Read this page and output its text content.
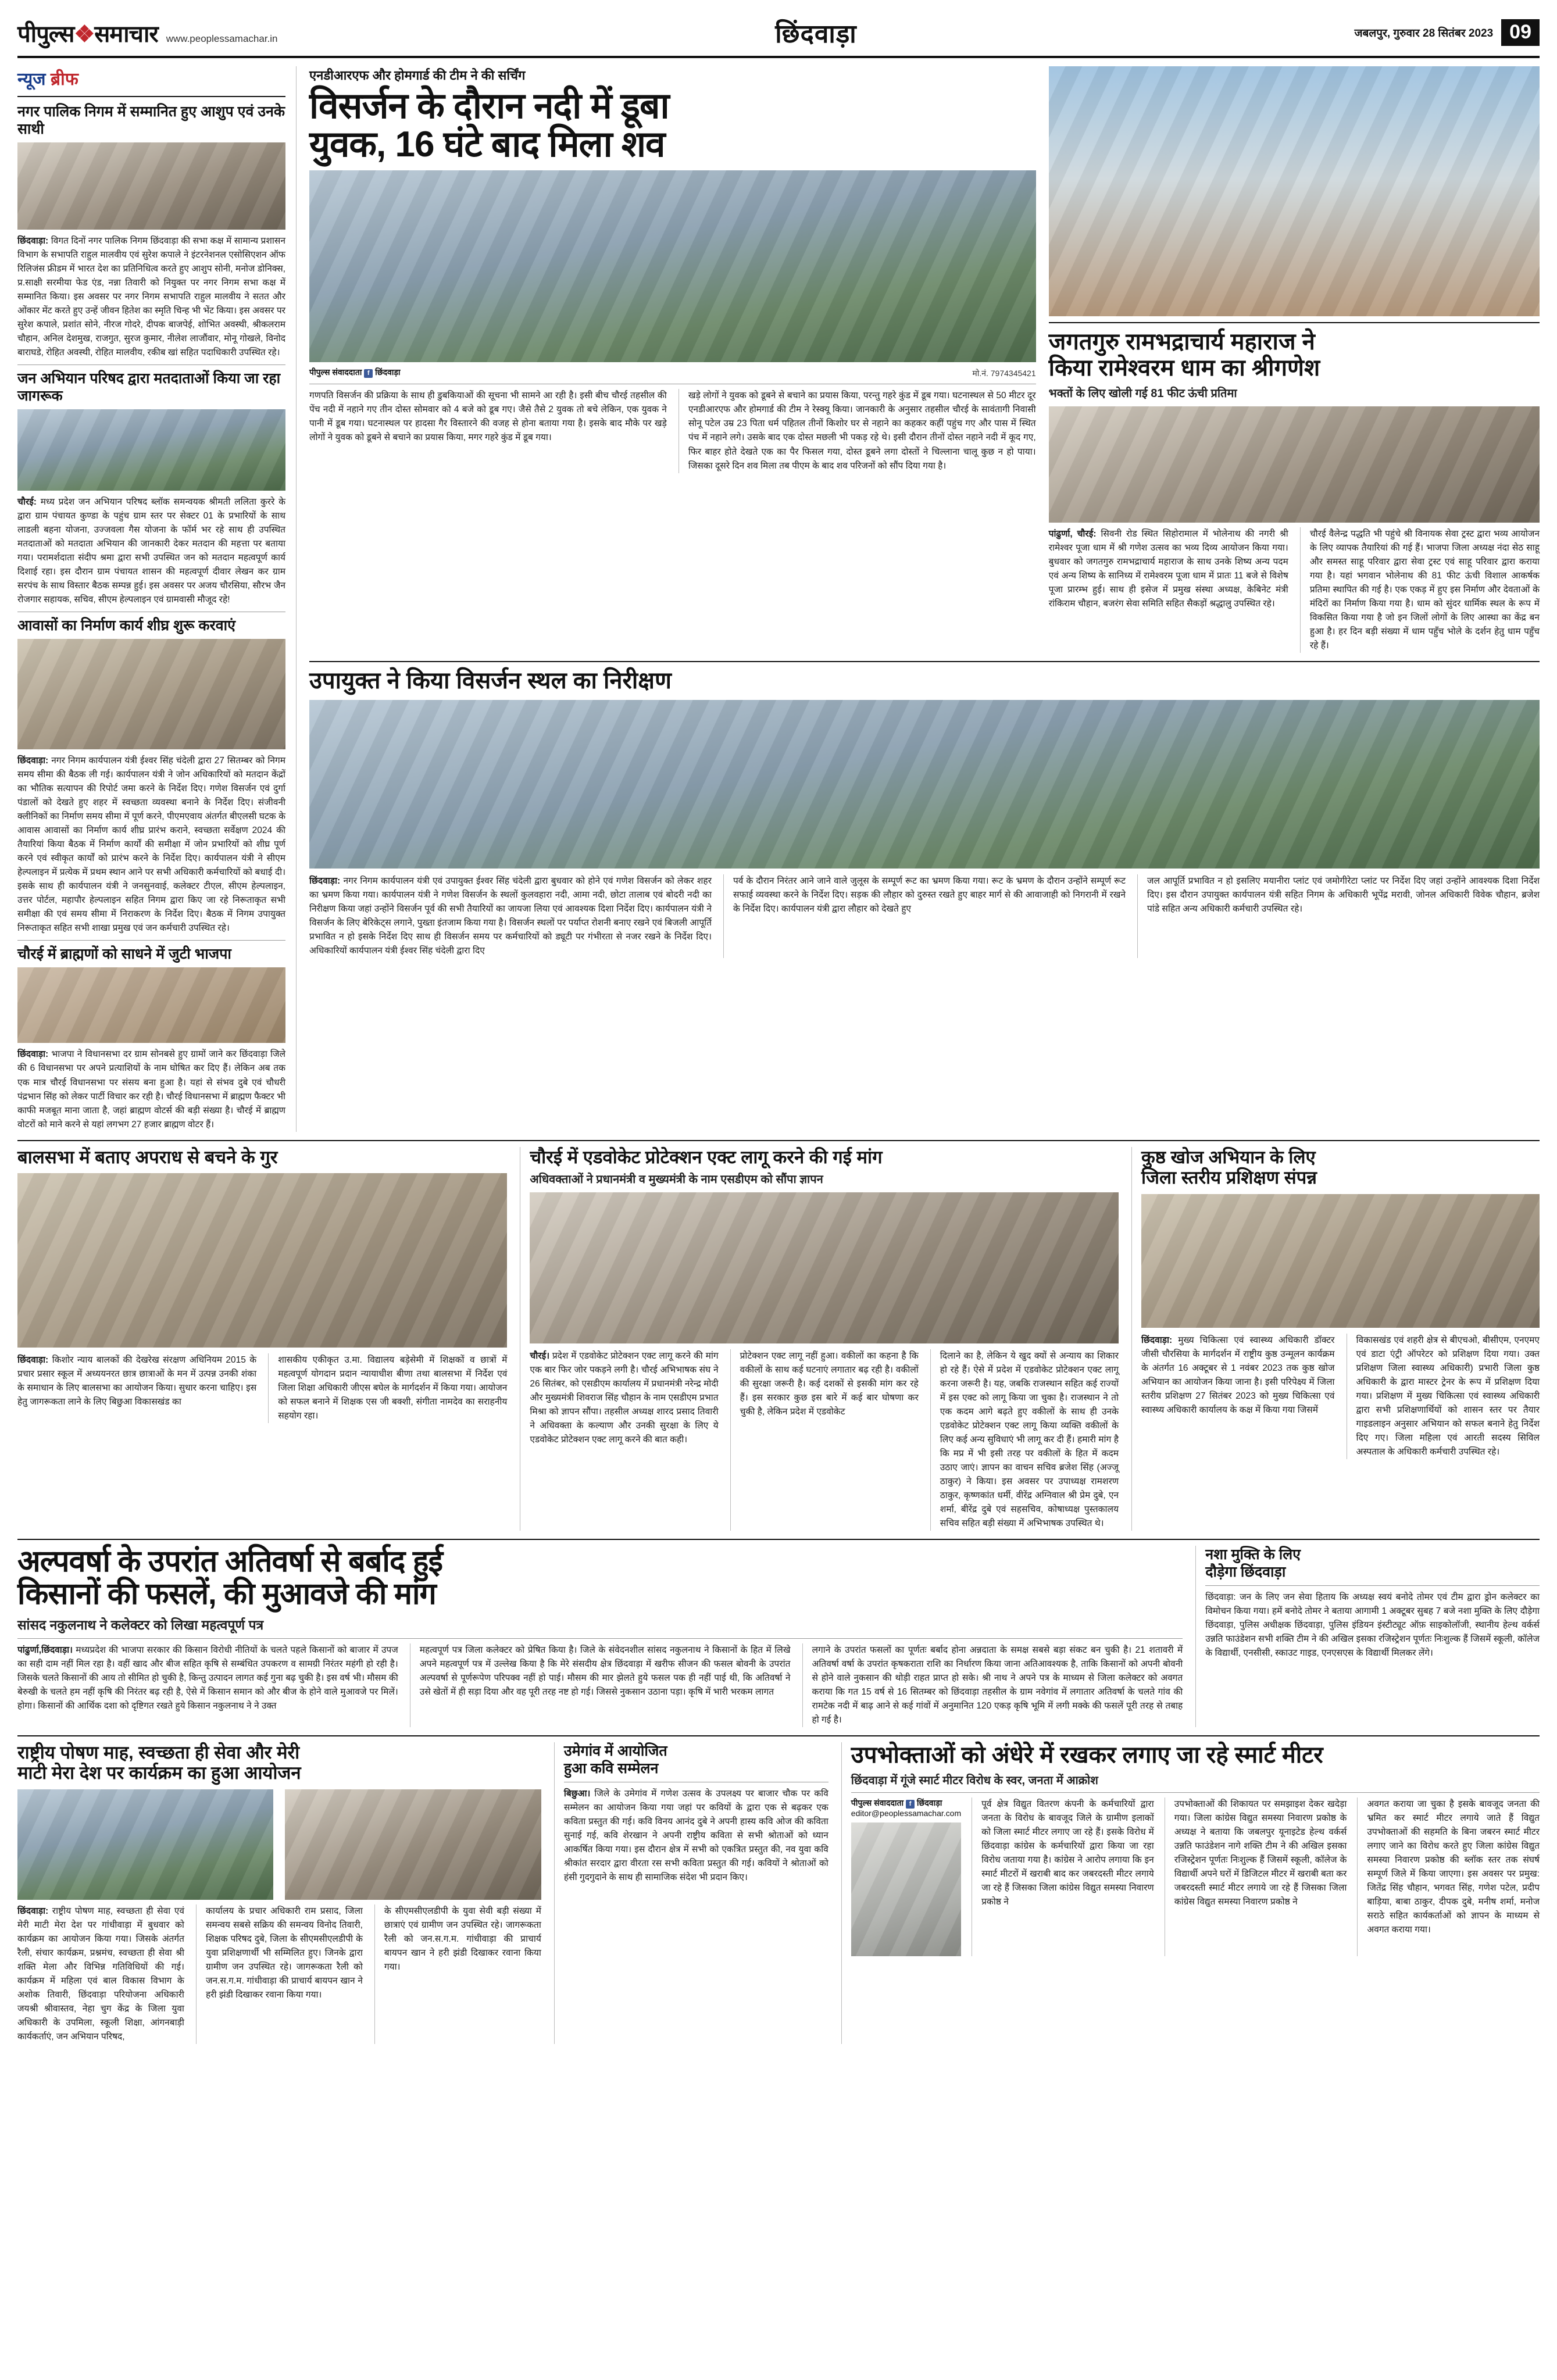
पीपुल्स❖समाचार www.peoplessamachar.in	छिंदवाड़ा	जबलपुर, गुरुवार 28 सितंबर 2023 09
न्यूज ब्रीफ
नगर पालिक निगम में सम्मानित हुए आशुप एवं उनके साथी
छिंदवाड़ा: विगत दिनों नगर पालिक निगम छिंदवाड़ा की सभा कक्ष में सामान्य प्रशासन विभाग के सभापति राहुल मालवीय एवं सुरेश कपाले ने इंटरनेशनल एसोसिएशन ऑफ रिलिजंस फ्रीडम में भारत देश का प्रतिनिधित्व करते हुए आशुप सोनी, मनोज डोनिक्स, प्र.साक्षी सरमीया फेड एंड, नन्ना तिवारी को नियुक्त पर नगर निगम सभा कक्ष में सम्मानित किया। इस अवसर पर नगर निगम सभापति राहुल मालवीय ने सतत और ओंकार मेंट करते हुए उन्हें जीवन हितेश का स्मृति चिन्ह भी भेंट किया। इस अवसर पर सुरेश कपाले, प्रशांत सोने, नीरज गोदरे, दीपक बाजपेई, शोभित अवस्थी, श्रीकलराम चौहान, अनिल देशमुख, राजगुत, सुरज कुमार, नीलेश लाजौंवार, मोनू गोखले, विनोद बाराघडे, रोहित अवस्थी, रोहित मालवीय, रकीब खां सहित पदाधिकारी उपस्थित रहे।
जन अभियान परिषद द्वारा मतदाताओं किया जा रहा जागरूक
चौरई: मध्य प्रदेश जन अभियान परिषद ब्लॉक समन्वयक श्रीमती ललिता कुररे के द्वारा ग्राम पंचायत कुण्डा के पहुंच ग्राम स्तर पर सेक्टर 01 के प्रभारियों के साथ लाडली बहना योजना, उज्जवला गैस योजना के फॉर्म भर रहे साथ ही उपस्थित मतदाताओं को मतदाता अभियान की जानकारी देकर मतदान की महत्ता पर बताया गया। परामर्शदाता संदीप श्रमा द्वारा सभी उपस्थित जन को मतदान महत्वपूर्ण कार्य दिशाई रहा। इस दौरान ग्राम पंचायत शासन की महत्वपूर्ण दीवार लेखन कर ग्राम सरपंच के साथ विस्तार बैठक सम्पन्न हुई। इस अवसर पर अजय चौरसिया, सौरभ जैन रोजगार सहायक, सचिव, सीएम हेल्पलाइन एवं ग्रामवासी मौजूद रहे!
आवासों का निर्माण कार्य शीघ्र शुरू करवाएं
छिंदवाड़ा: नगर निगम कार्यपालन यंत्री ईश्वर सिंह चंदेली द्वारा 27 सितम्बर को निगम समय सीमा की बैठक ली गई। कार्यपालन यंत्री ने जोन अधिकारियों को मतदान केंद्रों का भौतिक सत्यापन की रिपोर्ट जमा करने के निर्देश दिए। गणेश विसर्जन एवं दुर्गा पंडालों को देखते हुए शहर में स्वच्छता व्यवस्था बनाने के निर्देश दिए। संजीवनी क्लीनिकों का निर्माण समय सीमा में पूर्ण करने, पीएमएवाय अंतर्गत बीएलसी घटक के आवास आवासों का निर्माण कार्य शीघ्र प्रारंभ कराने, स्वच्छता सर्वेक्षण 2024 की तैयारियां किया बैठक में निर्माण कार्यों की समीक्षा में जोन प्रभारियों को शीघ्र पूर्ण करने एवं स्वीकृत कार्यों को प्रारंभ करने के निर्देश दिए। कार्यपालन यंत्री ने सीएम हेल्पलाइन में प्रत्येक में प्रथम स्थान आने पर सभी अधिकारी कर्मचारियों को बधाई दी। इसके साथ ही कार्यपालन यंत्री ने जनसुनवाई, कलेक्टर टीएल, सीएम हेल्पलाइन, उत्तर पोर्टल, महापौर हेल्पलाइन सहित निगम द्वारा किए जा रहे निरूताकृत सभी समीक्षा की एवं समय सीमा में निराकरण के निर्देश दिए। बैठक में निगम उपायुक्त निरूताकृत सहित सभी शाखा प्रमुख एवं जन कर्मचारी उपस्थित रहे।
चौरई में ब्राह्मणों को साधने में जुटी भाजपा
छिंदवाड़ा: भाजपा ने विधानसभा दर ग्राम सोनबसे हुए ग्रामों जाने कर छिंदवाड़ा जिले की 6 विधानसभा पर अपने प्रत्याशियों के नाम घोषित कर दिए हैं। लेकिन अब तक एक मात्र चौरई विधानसभा पर संसय बना हुआ है। यहां से संभव दुबे एवं चौधरी पंद्रभान सिंह को लेकर पार्टी विचार कर रही है। चौरई विधानसभा में ब्राह्मण फैक्टर भी काफी मजबूत माना जाता है, जहां ब्राह्मण वोटर्स की बड़ी संख्या है। चौरई में ब्राह्मण वोटरों को माने करने से यहां लगभग 27 हजार ब्राह्मण वोटर हैं।
एनडीआरएफ और होमगार्ड की टीम ने की सर्चिंग
विसर्जन के दौरान नदी में डूबा
युवक, 16 घंटे बाद मिला शव
पीपुल्स संवाददाता f छिंदवाड़ा	मो.नं. 7974345421
गणपति विसर्जन की प्रक्रिया के साथ ही डुबकियाओं की सूचना भी सामने आ रही है। इसी बीच चौरई तहसील की पेंच नदी में नहाने गए तीन दोस्त सोमवार को 4 बजे को डूब गए। जैसे तैसे 2 युवक तो बचे लेकिन, एक युवक ने पानी में डूब गया। घटनास्थल पर हादसा गैर विस्तारने की वजह से होना बताया गया है। इसके बाद मौके पर खड़े लोगों ने युवक को डूबने से बचाने का प्रयास किया, मगर गहरे कुंड में डूब गया।
खड़े लोगों ने युवक को डूबने से बचाने का प्रयास किया, परन्तु गहरे कुंड में डूब गया। घटनास्थल से 50 मीटर दूर एनडीआरएफ और होमगार्ड की टीम ने रेस्क्यू किया। जानकारी के अनुसार तहसील चौरई के सावंतागी निवासी सोनू पटेल उम्र 23 पिता धर्म पहितल तीनों किशोर घर से नहाने का कहकर कहीं पहुंच गए और पास में स्थित पंच में नहाने लगे। उसके बाद एक दोस्त मछली भी पकड़ रहे थे। इसी दौरान तीनों दोस्त नहाने नदी में कूद गए, फिर बाहर होते देखते एक का पैर फिसल गया, दोस्त डूबने लगा दोस्तों ने चिल्लाना चालू कुछ न हो पाया। जिसका दूसरे दिन शव मिला तब पीएम के बाद शव परिजनों को सौंप दिया गया है।
जगतगुरु रामभद्राचार्य महाराज ने
किया रामेश्वरम धाम का श्रीगणेश
भक्तों के लिए खोली गई 81 फीट ऊंची प्रतिमा
पांढुर्णा, चौरई: सिवनी रोड स्थित सिहोरामाल में भोलेनाथ की नगरी श्री रामेश्वर पूजा धाम में श्री गणेश उत्सव का भव्य दिव्य आयोजन किया गया। बुधवार को जगतगुरु रामभद्राचार्य महाराज के साथ उनके शिष्य अन्य पदम एवं अन्य शिष्य के सानिध्य में रामेश्वरम पूजा धाम में प्रातः 11 बजे से विशेष पूजा प्रारम्भ हुई। साथ ही इसेज में प्रमुख संस्था अध्यक्ष, केबिनेट मंत्री रांकिराम चौहान, बजरंग सेवा समिति सहित सैकड़ों श्रद्धालु उपस्थित रहे।
चौरई वैलेन्द्र पद्धति भी पहुंचे श्री विनायक सेवा ट्रस्ट द्वारा भव्य आयोजन के लिए व्यापक तैयारियां की गई हैं। भाजपा जिला अध्यक्ष नंदा सेठ साहू और समस्त साहू परिवार द्वारा सेवा ट्रस्ट एवं साहू परिवार द्वारा कराया गया है। यहां भगवान भोलेनाथ की 81 फीट ऊंची विशाल आकर्षक प्रतिमा स्थापित की गई है। एक एकड़ में हुए इस निर्माण और देवताओं के मंदिरों का निर्माण किया गया है। धाम को सुंदर धार्मिक स्थल के रूप में विकसित किया गया है जो इन जिलों लोगों के लिए आस्था का केंद्र बन हुआ है। हर दिन बड़ी संख्या में धाम पहुँच भोले के दर्शन हेतु धाम पहुँच रहे हैं।
उपायुक्त ने किया विसर्जन स्थल का निरीक्षण
छिंदवाड़ा: नगर निगम कार्यपालन यंत्री एवं उपायुक्त ईश्वर सिंह चंदेली द्वारा बुधवार को होने एवं गणेश विसर्जन को लेकर शहर का भ्रमण किया गया। कार्यपालन यंत्री ने गणेश विसर्जन के स्थलों कुलवहारा नदी, आमा नदी, छोटा तालाब एवं बोदरी नदी का निरीक्षण किया जहां उन्होंने विसर्जन पूर्व की सभी तैयारियों का जायजा लिया एवं आवश्यक दिशा निर्देश दिए। कार्यपालन यंत्री ने विसर्जन के लिए बेरिकेट्स लगाने, पुख्ता इंतजाम किया गया है। विसर्जन स्थलों पर पर्याप्त रोशनी बनाए रखने एवं बिजली आपूर्ति प्रभावित न हो इसके निर्देश दिए साथ ही विसर्जन समय पर कर्मचारियों को ड्यूटी पर गंभीरता से नजर रखने के निर्देश दिए। अधिकारियों कार्यपालन यंत्री ईश्वर सिंह चंदेली द्वारा दिए
पर्व के दौरान निरंतर आने जाने वाले जुलूस के सम्पूर्ण रूट का भ्रमण किया गया। रूट के भ्रमण के दौरान उन्होंने सम्पूर्ण रूट सफाई व्यवस्था करने के निर्देश दिए। सड़क की लौहार को दुरुस्त रखते हुए बाहर मार्ग से की आवाजाही को निगरानी में रखने के निर्देश दिए। कार्यपालन यंत्री द्वारा लौहार को देखते हुए
जल आपूर्ति प्रभावित न हो इसलिए मयानीरा प्लांट एवं जमोगीरेटा प्लांट पर निर्देश दिए जहां उन्होंने आवश्यक दिशा निर्देश दिए। इस दौरान उपायुक्त कार्यपालन यंत्री सहित निगम के अधिकारी भूपेंद्र मरावी, जोनल अधिकारी विवेक चौहान, ब्रजेश पांडे सहित अन्य अधिकारी कर्मचारी उपस्थित रहे।
बालसभा में बताए अपराध से बचने के गुर
छिंदवाड़ा: किशोर न्याय बालकों की देखरेख संरक्षण अधिनियम 2015 के प्रचार प्रसार स्कूल में अध्ययनरत छात्र छात्राओं के मन में उत्पन्न उनकी शंका के समाधान के लिए बालसभा का आयोजन किया। सुधार करना चाहिए। इस हेतु जागरूकता लाने के लिए बिछुआ विकासखंड का
शासकीय एकीकृत उ.मा. विद्यालय बड़ेसेमी में शिक्षकों व छात्रों में महत्वपूर्ण योगदान प्रदान न्यायाधीश बीणा तथा बालसभा में निर्देश एवं जिला शिक्षा अधिकारी जीएस बघेल के मार्गदर्शन में किया गया। आयोजन को सफल बनाने में शिक्षक एस जी बक्शी, संगीता नामदेव का सराहनीय सहयोग रहा।
चौरई में एडवोकेट प्रोटेक्शन एक्ट लागू करने की गई मांग
अधिवक्ताओं ने प्रधानमंत्री व मुख्यमंत्री के नाम एसडीएम को सौंपा ज्ञापन
चौरई। प्रदेश में एडवोकेट प्रोटेक्शन एक्ट लागू करने की मांग एक बार फिर जोर पकड़ने लगी है। चौरई अभिभाषक संघ ने 26 सितंबर, को एसडीएम कार्यालय में प्रधानमंत्री नरेन्द्र मोदी और मुख्यमंत्री शिवराज सिंह चौहान के नाम एसडीएम प्रभात मिश्रा को ज्ञापन सौंपा। तहसील अध्यक्ष शारद प्रसाद तिवारी ने अधिवक्ता के कल्याण और उनकी सुरक्षा के लिए ये एडवोकेट प्रोटेक्शन एक्ट लागू करने की बात कही।
प्रोटेक्शन एक्ट लागू नहीं हुआ। वकीलों का कहना है कि वकीलों के साथ कई घटनाएं लगातार बढ़ रही है। वकीलों की सुरक्षा जरूरी है। कई दशकों से इसकी मांग कर रहे हैं। इस सरकार कुछ इस बारे में कई बार घोषणा कर चुकी है, लेकिन प्रदेश में एडवोकेट
दिलाने का है, लेकिन ये खुद क्यों से अन्याय का शिकार हो रहे हैं। ऐसे में प्रदेश में एडवोकेट प्रोटेक्शन एक्ट लागू करना जरूरी है। यह, जबकि राजस्थान सहित कई राज्यों में इस एक्ट को लागू किया जा चुका है। राजस्थान ने तो एक कदम आगे बढ़ते हुए वकीलों के साथ ही उनके एडवोकेट प्रोटेक्शन एक्ट लागू किया व्यक्ति वकीलों के लिए कई अन्य सुविधाएं भी लागू कर दी हैं। हमारी मांग है कि मप्र में भी इसी तरह पर वकीलों के हित में कदम उठाए जाएं। ज्ञापन का वाचन सचिव ब्रजेश सिंह (अज्जू ठाकुर) ने किया। इस अवसर पर उपाध्यक्ष रामशरण ठाकुर, कृष्णकांत धर्मी, वीरेंद्र अग्निवाल श्री प्रेम दुबे, एन शर्मा, बीरेंद्र दुबे एवं सहसचिव, कोषाध्यक्ष पुस्तकालय सचिव सहित बड़ी संख्या में अभिभाषक उपस्थित थे।
कुष्ठ खोज अभियान के लिए
जिला स्तरीय प्रशिक्षण संपन्न
छिंदवाड़ा: मुख्य चिकित्सा एवं स्वास्थ्य अधिकारी डॉक्टर जीसी चौरसिया के मार्गदर्शन में राष्ट्रीय कुष्ठ उन्मूलन कार्यक्रम के अंतर्गत 16 अक्टूबर से 1 नवंबर 2023 तक कुष्ठ खोज अभियान का आयोजन किया जाना है। इसी परिपेक्ष्य में जिला स्तरीय प्रशिक्षण 27 सितंबर 2023 को मुख्य चिकित्सा एवं स्वास्थ्य अधिकारी कार्यालय के कक्ष में किया गया जिसमें
विकासखंड एवं शहरी क्षेत्र से बीएचओ, बीसीएम, एनएमए एवं डाटा एंट्री ऑपरेटर को प्रशिक्षण दिया गया। उक्त प्रशिक्षण जिला स्वास्थ्य अधिकारी) प्रभारी जिला कुष्ठ अधिकारी के द्वारा मास्टर ट्रेनर के रूप में प्रशिक्षण दिया गया। प्रशिक्षण में मुख्य चिकित्सा एवं स्वास्थ्य अधिकारी द्वारा सभी प्रशिक्षणार्थियों को शासन स्तर पर तैयार गाइडलाइन अनुसार अभियान को सफल बनाने हेतु निर्देश दिए गए। जिला महिला एवं आरती सदस्य सिविल अस्पताल के अधिकारी कर्मचारी उपस्थित रहे।
अल्पवर्षा के उपरांत अतिवर्षा से बर्बाद हुई
किसानों की फसलें, की मुआवजे की मांग
सांसद नकुलनाथ ने कलेक्टर को लिखा महत्वपूर्ण पत्र
पांढुर्णा,छिंदवाड़ा। मध्यप्रदेश की भाजपा सरकार की किसान विरोधी नीतियों के चलते पहले किसानों को बाजार में उपज का सही दाम नहीं मिल रहा है। वहीं खाद और बीज सहित कृषि से सम्बंधित उपकरण व सामग्री निरंतर महंगी हो रही है। जिसके चलते किसानों की आय तो सीमित हो चुकी है, किन्तु उत्पादन लागत कई गुना बढ़ चुकी है। इस वर्ष भी। मौसम की बेरुखी के चलते हम नहीं कृषि की निरंतर बढ़ रही है, ऐसे में किसान समान को और बीज के होने वाले मुआवजे पर मिलें। होगा। किसानों की आर्थिक दशा को दृष्टिगत रखते हुये किसान नकुलनाथ ने ने उक्त
महत्वपूर्ण पत्र जिला कलेक्टर को प्रेषित किया है। जिले के संवेदनशील सांसद नकुलनाथ ने किसानों के हित में लिखे अपने महत्वपूर्ण पत्र में उल्लेख किया है कि मेरे संसदीय क्षेत्र छिंदवाड़ा में खरीफ सीजन की फसल बोवनी के उपरांत अल्पवर्षा से पूर्णरूपेण परिपक्व नहीं हो पाई। मौसम की मार झेलते हुये फसल पक ही नहीं पाई थी, कि अतिवर्षा ने उसे खेतों में ही सड़ा दिया और वह पूरी तरह नष्ट हो गई। जिससे नुकसान उठाना पड़ा। कृषि में भारी भरकम लागत
लगाने के उपरांत फसलों का पूर्णतः बर्बाद होना अन्नदाता के समक्ष सबसे बड़ा संकट बन चुकी है। 21 शतावरी में अतिवर्षा वर्षा के उपरांत कृषकराता राशि का निर्धारण किया जाना अतिआवश्यक है, ताकि किसानों को अपनी बोवनी से होने वाले नुकसान की थोड़ी राहत प्राप्त हो सके। श्री नाथ ने अपने पत्र के माध्यम से जिला कलेक्टर को अवगत कराया कि गत 15 वर्ष से 16 सितम्बर को छिंदवाड़ा तहसील के ग्राम नवेगांव में लगातार अतिवर्षा के चलते गांव की रामटेक नदी में बाढ़ आने से कई गांवों में अनुमानित 120 एकड़ कृषि भूमि में लगी मक्के की फसलें पूरी तरह से तबाह हो गई है।
नशा मुक्ति के लिए
दौड़ेगा छिंदवाड़ा
छिंदवाड़ा: जन के लिए जन सेवा हिताय कि अध्यक्ष स्वयं बनोदे तोमर एवं टीम द्वारा ड्रोन कलेक्टर का विमोचन किया गया। हमें बनोदे तोमर ने बताया आगामी 1 अक्टूबर सुबह 7 बजे नशा मुक्ति के लिए दौड़ेगा छिंदवाड़ा, पुलिस अधीक्षक छिंदवाड़ा, पुलिस इंडियन इंस्टीट्यूट ऑफ़ साइकोलॉजी, स्थानीय हेल्थ वर्कर्स उन्नति फाउंडेशन सभी शक्ति टीम ने की अखिल इसका रजिस्ट्रेशन पूर्णतः निःशुल्क हैं जिसमें स्कूली, कॉलेज के विद्यार्थी, एनसीसी, स्काउट गाइड, एनएसएस के विद्यार्थी मिलकर लेंगे।
राष्ट्रीय पोषण माह, स्वच्छता ही सेवा और मेरी
माटी मेरा देश पर कार्यक्रम का हुआ आयोजन
छिंदवाड़ा: राष्ट्रीय पोषण माह, स्वच्छता ही सेवा एवं मेरी माटी मेरा देश पर गांधीवाड़ा में बुधवार को कार्यक्रम का आयोजन किया गया। जिसके अंतर्गत रैली, संचार कार्यक्रम, प्रश्नमंच, स्वच्छता ही सेवा श्री शक्ति मेला और विभिन्न गतिविधियों की गई। कार्यक्रम में महिला एवं बाल विकास विभाग के अशोक तिवारी, छिंदवाड़ा परियोजना अधिकारी जयश्री श्रीवास्तव, नेहा चुग केंद्र के जिला युवा अधिकारी के उपमिला, स्कूली शिक्षा, आंगनबाड़ी कार्यकर्ताएं, जन अभियान परिषद,
कार्यालय के प्रचार अधिकारी राम प्रसाद, जिला समन्वय सबसे सक्रिय की समन्वय विनोद तिवारी, शिक्षक परिषद दुबे, जिला के सीएमसीएलडीपी के युवा प्रशिक्षणार्थी भी सम्मिलित हुए। जिनके द्वारा ग्रामीण जन उपस्थित रहे। जागरूकता रैली को जन.स.ग.म. गांधीवाड़ा की प्राचार्य बायपन खान ने हरी झंडी दिखाकर रवाना किया गया।
के सीएमसीएलडीपी के युवा सेवी बड़ी संख्या में छात्राएं एवं ग्रामीण जन उपस्थित रहे। जागरूकता रैली को जन.स.ग.म. गांधीवाड़ा की प्राचार्य बायपन खान ने हरी झंडी दिखाकर रवाना किया गया।
उमेगांव में आयोजित
हुआ कवि सम्मेलन
बिछुआ। जिले के उमेगांव में गणेश उत्सव के उपलक्ष्य पर बाजार चौक पर कवि सम्मेलन का आयोजन किया गया जहां पर कवियों के द्वारा एक से बढ़कर एक कविता प्रस्तुत की गई। कवि विनय आनंद दुबे ने अपनी हास्य कवि ओज की कविता सुनाई गई, कवि शेरखान ने अपनी राष्ट्रीय कविता से सभी श्रोताओं को ध्यान आकर्षित किया गया। इस दौरान क्षेत्र में सभी को एकत्रित प्रस्तुत की, नव युवा कवि श्रीकांत सरदार द्वारा वीरता रस सभी कविता प्रस्तुत की गई। कवियों ने श्रोताओं को हंसी गुदगुदाने के साथ ही सामाजिक संदेश भी प्रदान किए।
उपभोक्ताओं को अंधेरे में रखकर लगाए जा रहे स्मार्ट मीटर
छिंदवाड़ा में गूंजे स्मार्ट मीटर विरोध के स्वर, जनता में आक्रोश
पीपुल्स संवाददाता f छिंदवाड़ा
editor@peoplessamachar.com
पूर्व क्षेत्र विद्युत वितरण कंपनी के कर्मचारियों द्वारा जनता के विरोध के बावजूद जिले के ग्रामीण इलाकों को जिला स्मार्ट मीटर लगाए जा रहे हैं। इसके विरोध में छिंदवाड़ा कांग्रेस के कर्मचारियों द्वारा किया जा रहा विरोध जताया गया है। कांग्रेस ने आरोप लगाया कि इन स्मार्ट मीटरों में खराबी बाद कर जबरदस्ती मीटर लगाये जा रहे हैं जिसका जिला कांग्रेस विद्युत समस्या निवारण प्रकोष्ठ ने
उपभोक्ताओं की शिकायत पर समझाइश देकर खदेड़ा गया। जिला कांग्रेस विद्युत समस्या निवारण प्रकोष्ठ के अध्यक्ष ने बताया कि जबलपुर यूनाइटेड हेल्थ वर्कर्स उन्नति फाउंडेशन नागे शक्ति टीम ने की अखिल इसका रजिस्ट्रेशन पूर्णतः निःशुल्क हैं जिसमें स्कूली, कॉलेज के विद्यार्थी अपने घरों में डिजिटल मीटर में खराबी बता कर जबरदस्ती स्मार्ट मीटर लगाये जा रहे हैं जिसका जिला कांग्रेस विद्युत समस्या निवारण प्रकोष्ठ ने
अवगत कराया जा चुका है इसके बावजूद जनता की भ्रमित कर स्मार्ट मीटर लगाये जाते हैं विद्युत उपभोक्ताओं की सहमति के बिना जबरन स्मार्ट मीटर लगाए जाने का विरोध करते हुए जिला कांग्रेस विद्युत समस्या निवारण प्रकोष्ठ की ब्लॉक स्तर तक संघर्ष सम्पूर्ण जिले में किया जाएगा। इस अवसर पर प्रमुख: जितेंद्र सिंह चौहान, भगवत सिंह, गणेश पटेल, प्रदीप बाड़िया, बाबा ठाकुर, दीपक दुबे, मनीष शर्मा, मनोज सराठे सहित कार्यकर्ताओं को ज्ञापन के माध्यम से अवगत कराया गया।
